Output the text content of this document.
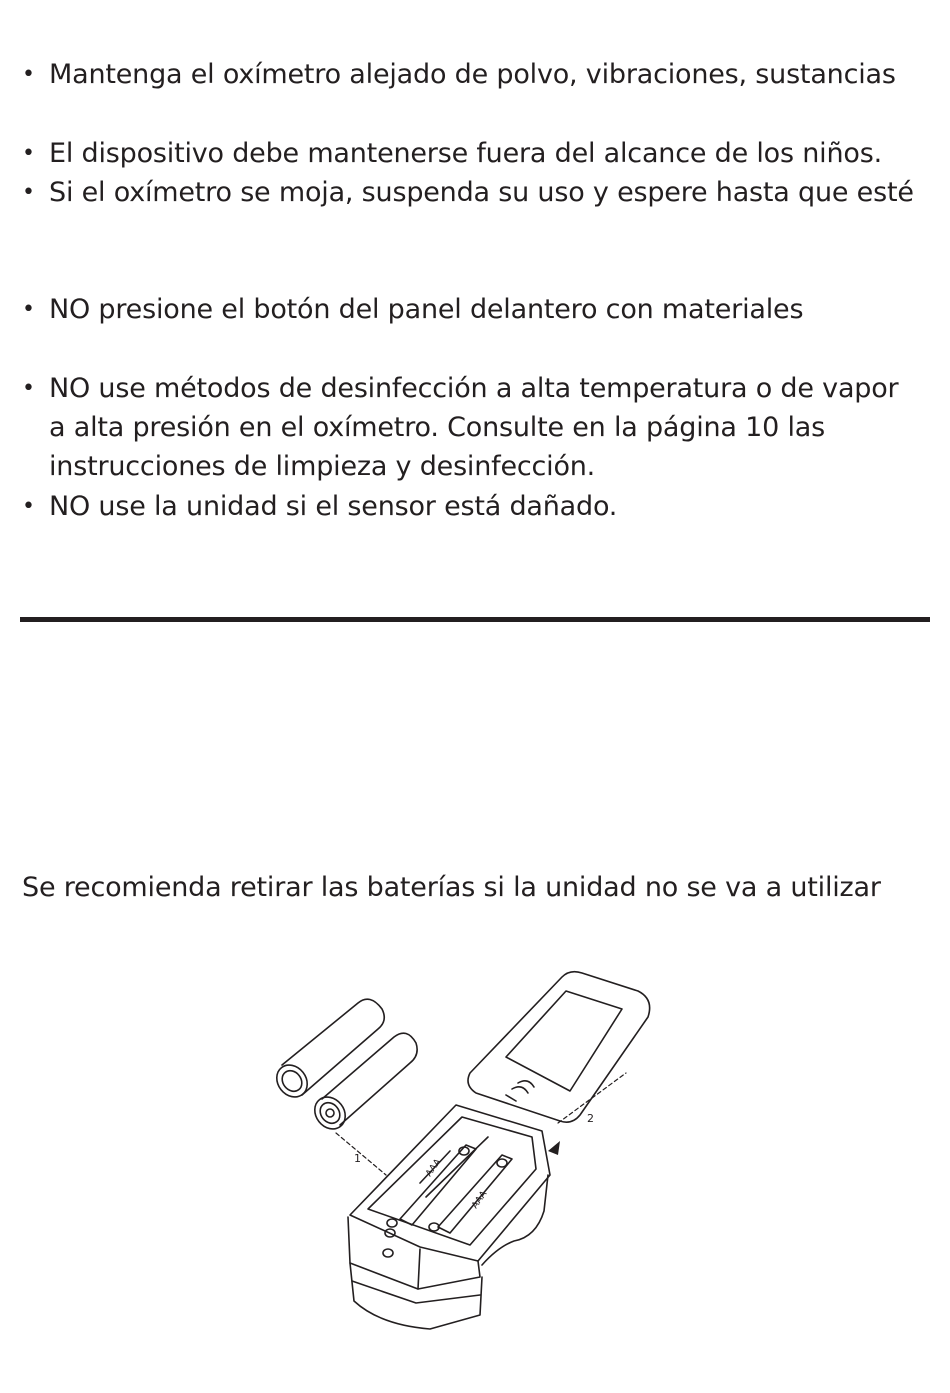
• Mantenga el oxímetro alejado de polvo, vibraciones, sustancias
• El dispositivo debe mantenerse fuera del alcance de los niños.
• Si el oxímetro se moja, suspenda su uso y espere hasta que esté
• NO presione el botón del panel delantero con materiales
• NO use métodos de desinfección a alta temperatura o de vapor
a alta presión en el oxímetro. Consulte en la página 10 las
instrucciones de limpieza y desinfección.
• NO use la unidad si el sensor está dañado.

Se recomienda retirar las baterías si la unidad no se va a utilizar

1
2
AAA
AAA
